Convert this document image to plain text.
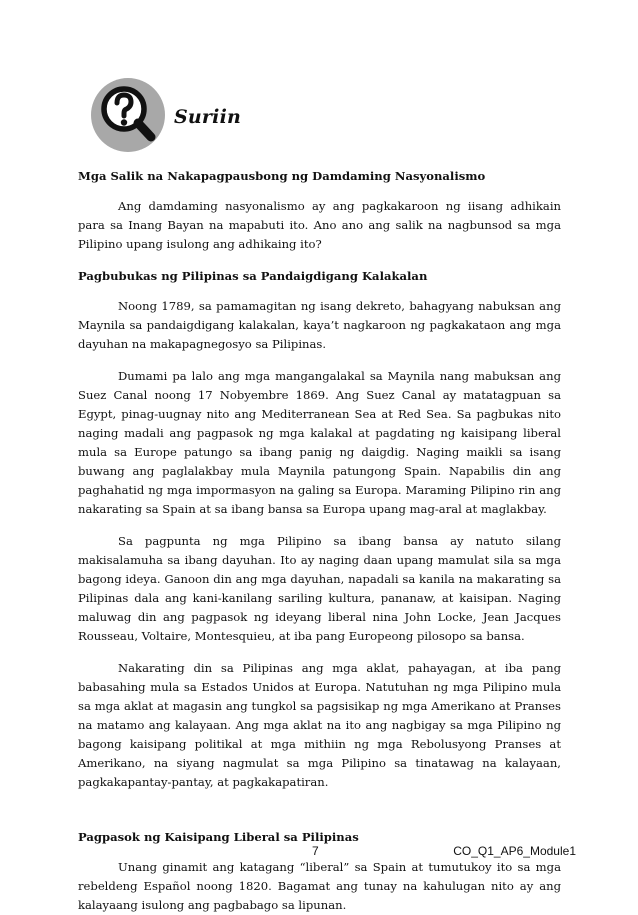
Suriin

Mga Salik na Nakapagpausbong ng Damdaming Nasyonalismo

Ang damdaming nasyonalismo ay ang pagkakaroon ng iisang adhikain para sa Inang Bayan na mapabuti ito. Ano ano ang salik na nagbunsod sa mga Pilipino upang isulong ang adhikaing ito?

Pagbubukas ng Pilipinas sa Pandaigdigang Kalakalan

Noong 1789, sa pamamagitan ng isang dekreto, bahagyang nabuksan ang Maynila sa pandaigdigang kalakalan, kaya’t nagkaroon ng pagkakataon ang mga dayuhan na makapagnegosyo sa Pilipinas.

Dumami pa lalo ang mga mangangalakal sa Maynila nang mabuksan ang Suez Canal noong 17 Nobyembre 1869. Ang Suez Canal ay matatagpuan sa Egypt, pinag-uugnay nito ang Mediterranean Sea at Red Sea. Sa pagbukas nito naging madali ang pagpasok ng mga kalakal at pagdating ng kaisipang liberal mula sa Europe patungo sa ibang panig ng daigdig. Naging maikli sa isang buwang ang paglalakbay mula Maynila patungong Spain. Napabilis din ang paghahatid ng mga impormasyon na galing sa Europa. Maraming Pilipino rin ang nakarating sa Spain at sa ibang bansa sa Europa upang mag-aral at maglakbay.

Sa pagpunta ng mga Pilipino sa ibang bansa ay natuto silang makisalamuha sa ibang dayuhan. Ito ay naging daan upang mamulat sila sa mga bagong ideya. Ganoon din ang mga dayuhan, napadali sa kanila na makarating sa Pilipinas dala ang kani-kanilang sariling kultura, pananaw, at kaisipan. Naging maluwag din ang pagpasok ng ideyang liberal nina John Locke, Jean Jacques Rousseau, Voltaire, Montesquieu, at iba pang Europeong pilosopo sa bansa.

Nakarating din sa Pilipinas ang mga aklat, pahayagan, at iba pang babasahing mula sa Estados Unidos at Europa. Natutuhan ng mga Pilipino mula sa mga aklat at magasin ang tungkol sa pagsisikap ng mga Amerikano at Pranses na matamo ang kalayaan. Ang mga aklat na ito ang nagbigay sa mga Pilipino ng bagong kaisipang politikal at mga mithiin ng mga Rebolusyong Pranses at Amerikano, na siyang nagmulat sa mga Pilipino sa tinatawag na kalayaan, pagkakapantay-pantay, at pagkakapatiran.

Pagpasok ng Kaisipang Liberal sa Pilipinas

Unang ginamit ang katagang “liberal” sa Spain at tumutukoy ito sa mga rebeldeng Español noong 1820. Bagamat ang tunay na kahulugan nito ay ang kalayaang isulong ang pagbabago sa lipunan.

7	CO_Q1_AP6_Module1
